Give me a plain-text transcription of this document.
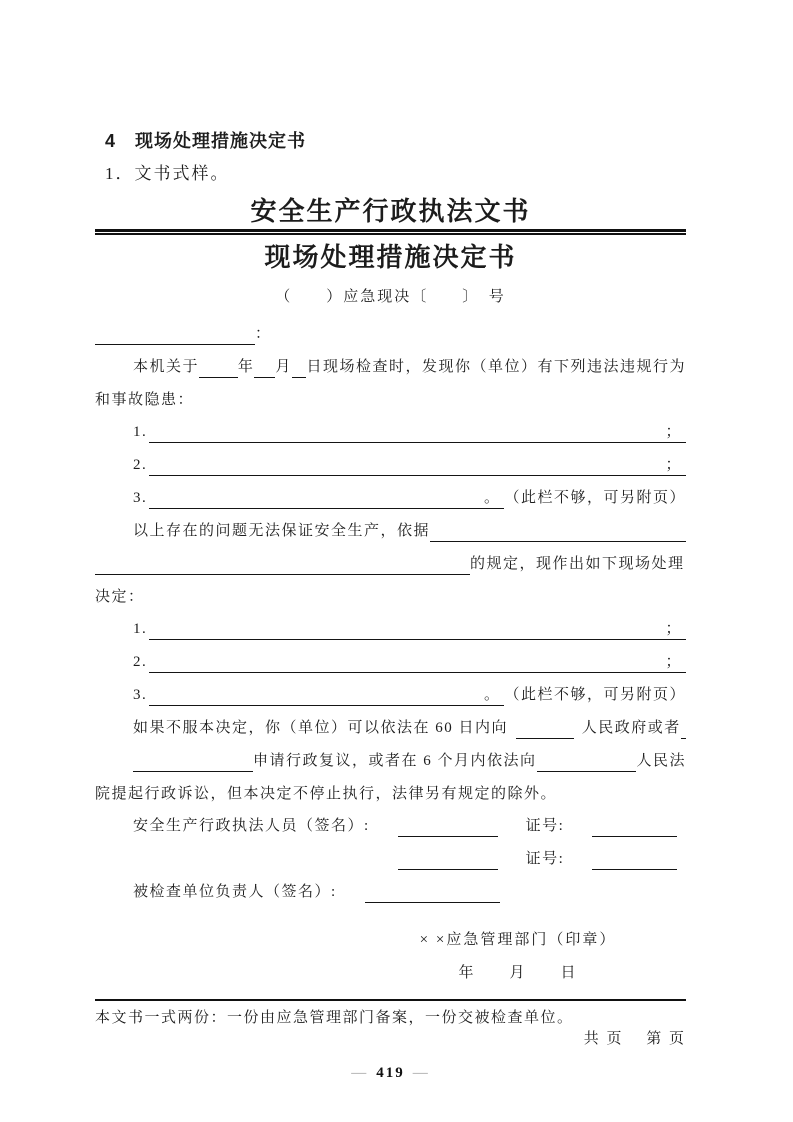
4　现场处理措施决定书
1．文书式样。
安全生产行政执法文书
现场处理措施决定书
（　　）应急现决〔　　〕　号

：
本机关于
	年
月
日现场检查时，发现你（单位）有下列违法违规行为
和事故隐患：
1.	；
2.	；
3.	。 （此栏不够，可另附页）
以上存在的问题无法保证安全生产，依据

的规定，现作出如下现场处理
决定：
1.	；
2.	；
3.	。 （此栏不够，可另附页）
如果不服本决定，你（单位）可以依法在 60 日内向
	人民政府或者

申请行政复议，或者在 6 个月内依法向
	人民法
院提起行政诉讼，但本决定不停止执行，法律另有规定的除外。
安全生产行政执法人员（签名）:
	证号:

证号:

被检查单位负责人（签名）:

× ×应急管理部门（印章）
年　　月　　日
本文书一式两份：一份由应急管理部门备案，一份交被检查单位。
共 页　 第 页
— 419 —
